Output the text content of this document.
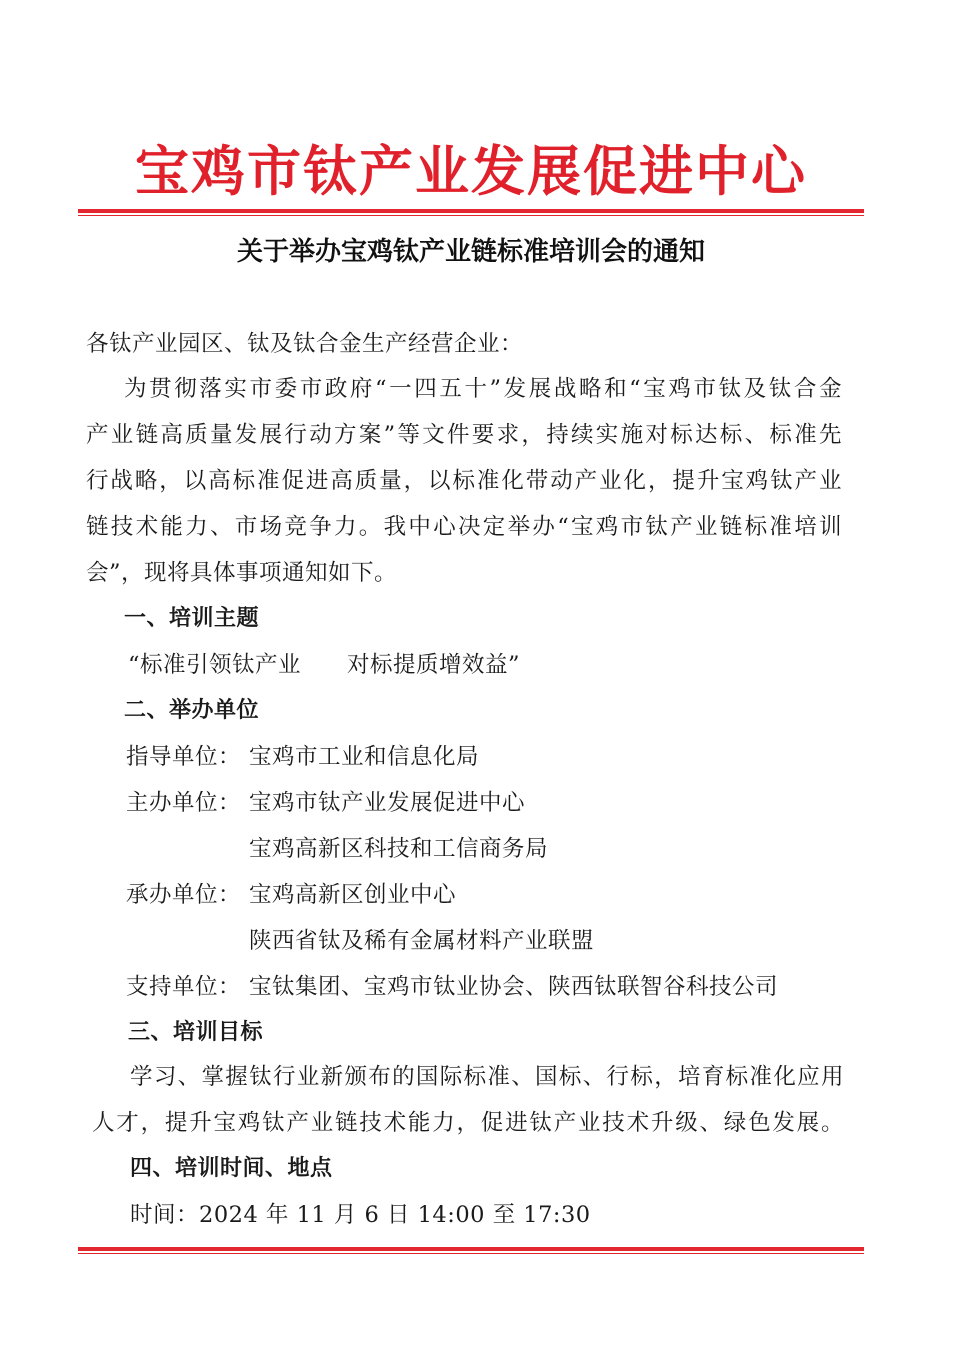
宝鸡市钛产业发展促进中心
关于举办宝鸡钛产业链标准培训会的通知
各钛产业园区、钛及钛合金生产经营企业：
为贯彻落实市委市政府“一四五十”发展战略和“宝鸡市钛及钛合金
产业链高质量发展行动方案”等文件要求，持续实施对标达标、标准先
行战略，以高标准促进高质量，以标准化带动产业化，提升宝鸡钛产业
链技术能力、市场竞争力。我中心决定举办“宝鸡市钛产业链标准培训
会”，现将具体事项通知如下。
一、培训主题
“标准引领钛产业　　对标提质增效益”
二、举办单位
指导单位： 宝鸡市工业和信息化局
主办单位： 宝鸡市钛产业发展促进中心
宝鸡高新区科技和工信商务局
承办单位： 宝鸡高新区创业中心
陕西省钛及稀有金属材料产业联盟
支持单位： 宝钛集团、宝鸡市钛业协会、陕西钛联智谷科技公司
三、培训目标
学习、掌握钛行业新颁布的国际标准、国标、行标，培育标准化应用
人才，提升宝鸡钛产业链技术能力，促进钛产业技术升级、绿色发展。
四、培训时间、地点
时间：2024 年 11 月 6 日 14:00 至 17:30
